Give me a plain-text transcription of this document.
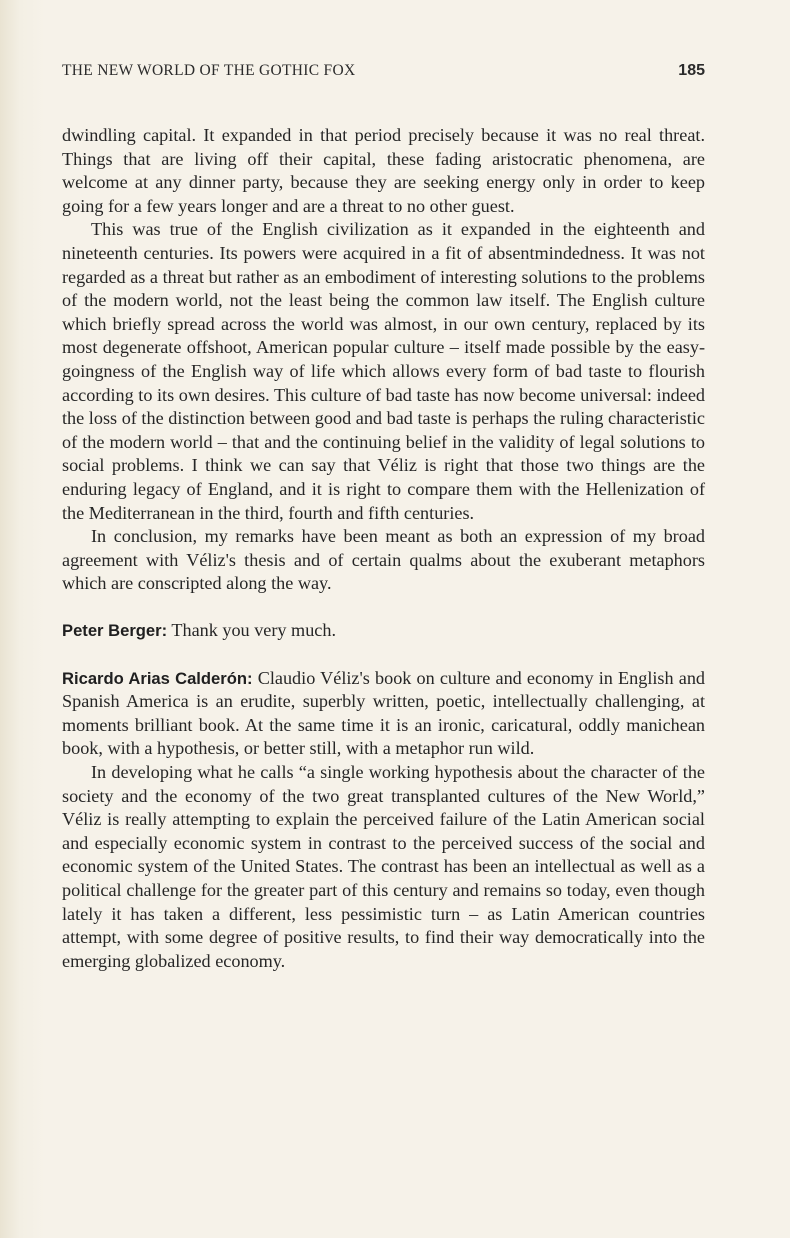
THE NEW WORLD OF THE GOTHIC FOX	185

dwindling capital. It expanded in that period precisely because it was no real threat. Things that are living off their capital, these fading aristocratic phenomena, are welcome at any dinner party, because they are seeking energy only in order to keep going for a few years longer and are a threat to no other guest.

This was true of the English civilization as it expanded in the eighteenth and nineteenth centuries. Its powers were acquired in a fit of absentmindedness. It was not regarded as a threat but rather as an embodiment of interesting solutions to the problems of the modern world, not the least being the common law itself. The English culture which briefly spread across the world was almost, in our own century, replaced by its most degenerate offshoot, American popular culture – itself made possible by the easy-goingness of the English way of life which allows every form of bad taste to flourish according to its own desires. This culture of bad taste has now become universal: indeed the loss of the distinction between good and bad taste is perhaps the ruling characteristic of the modern world – that and the continuing belief in the validity of legal solutions to social problems. I think we can say that Véliz is right that those two things are the enduring legacy of England, and it is right to compare them with the Hellenization of the Mediterranean in the third, fourth and fifth centuries.

In conclusion, my remarks have been meant as both an expression of my broad agreement with Véliz's thesis and of certain qualms about the exuberant metaphors which are conscripted along the way.

Peter Berger: Thank you very much.

Ricardo Arias Calderón: Claudio Véliz's book on culture and economy in English and Spanish America is an erudite, superbly written, poetic, intellectually challenging, at moments brilliant book. At the same time it is an ironic, caricatural, oddly manichean book, with a hypothesis, or better still, with a metaphor run wild.

In developing what he calls “a single working hypothesis about the character of the society and the economy of the two great transplanted cultures of the New World,” Véliz is really attempting to explain the perceived failure of the Latin American social and especially economic system in contrast to the perceived success of the social and economic system of the United States. The contrast has been an intellectual as well as a political challenge for the greater part of this century and remains so today, even though lately it has taken a different, less pessimistic turn – as Latin American countries attempt, with some degree of positive results, to find their way democratically into the emerging globalized economy.
